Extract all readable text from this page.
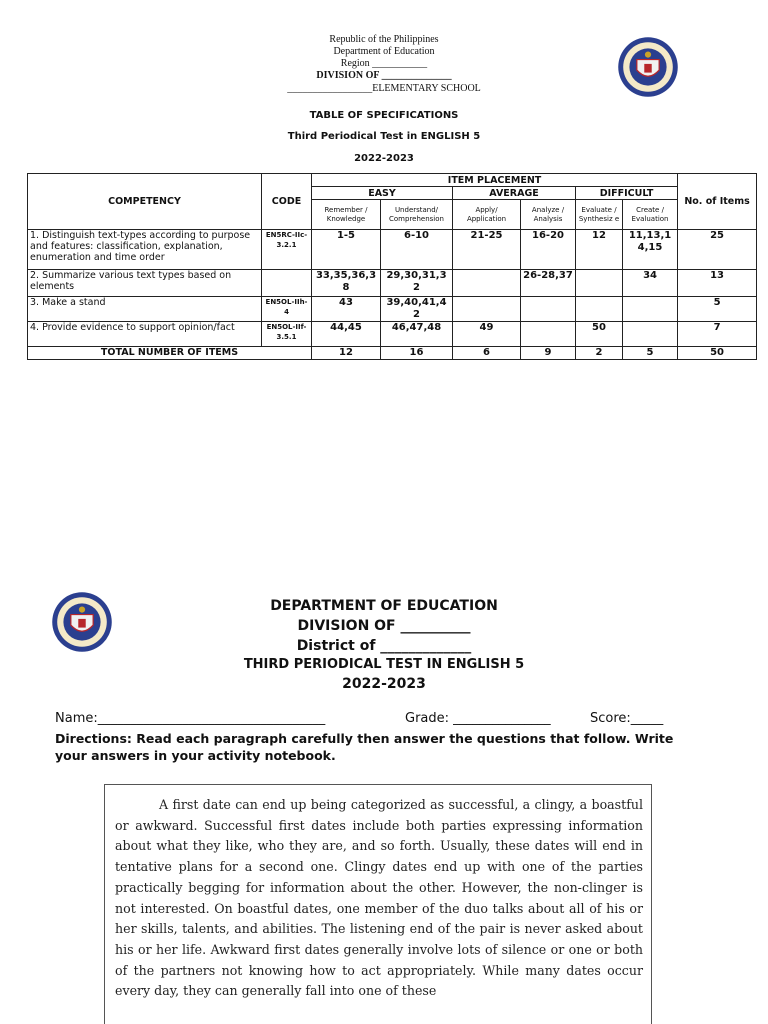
Republic of the Philippines
Department of Education
Region ___________
DIVISION OF ______________
_________________ELEMENTARY SCHOOL
TABLE OF SPECIFICATIONS
Third Periodical Test in ENGLISH 5
2022-2023
COMPETENCY	CODE	ITEM PLACEMENT						No. of Items
		EASY		AVERAGE		DIFFICULT		
		Remember / Knowledge	Understand/ Comprehension	Apply/ Application	Analyze / Analysis	Evaluate / Synthesiz e	Create / Evaluation	
1. Distinguish text-types according to purpose and features: classification, explanation, enumeration and time order	EN5RC-IIc-3.2.1	1-5	6-10	21-25	16-20	12	11,13,14,15	25
2. Summarize various text types based on elements		33,35,36,38	29,30,31,32		26-28,37		34	13
3. Make a stand	EN5OL-IIh-4	43	39,40,41,42					5
4. Provide evidence to support opinion/fact	EN5OL-IIf-3.5.1	44,45	46,47,48	49		50		7
TOTAL NUMBER OF ITEMS		12	16	6	9	2	5	50
DEPARTMENT OF EDUCATION
DIVISION OF __________
District of _____________
THIRD PERIODICAL TEST IN ENGLISH 5
2022-2023
Name:___________________________________	Grade: _______________	Score:_____
Directions: Read each paragraph carefully then answer the questions that follow. Write your answers in your activity notebook.

A first date can end up being categorized as successful, a clingy, a boastful or awkward. Successful first dates include both parties expressing information about what they like, who they are, and so forth. Usually, these dates will end in tentative plans for a second one. Clingy dates end up with one of the parties practically begging for information about the other. However, the non-clinger is not interested. On boastful dates, one member of the duo talks about all of his or her skills, talents, and abilities. The listening end of the pair is never asked about his or her life. Awkward first dates generally involve lots of silence or one or both of the partners not knowing how to act appropriately. While many dates occur every day, they can generally fall into one of these
